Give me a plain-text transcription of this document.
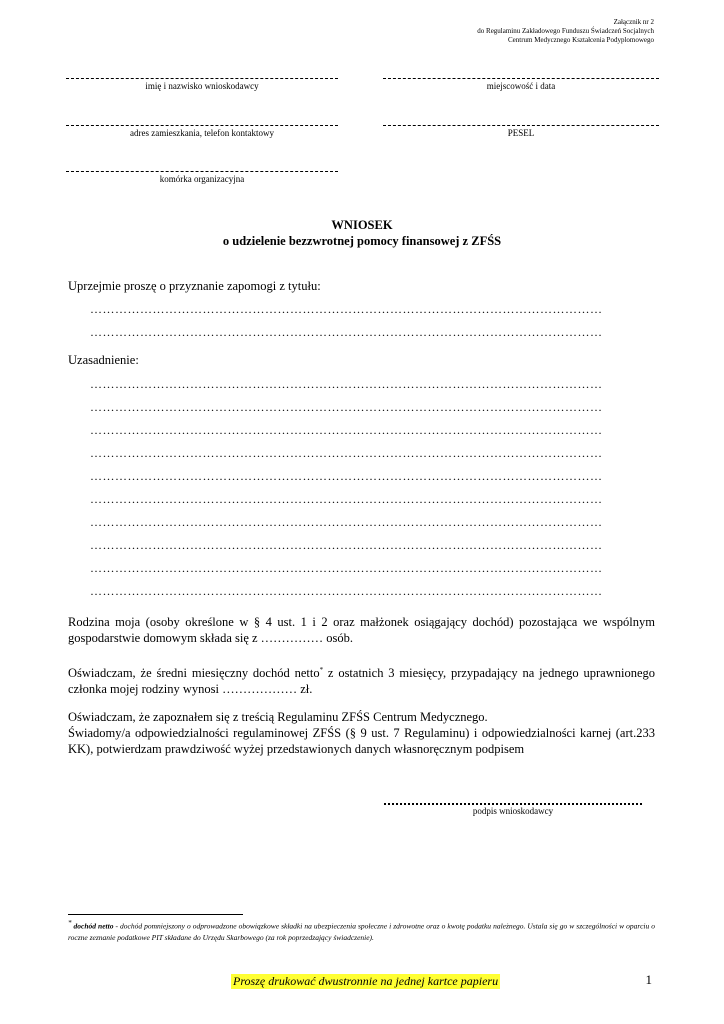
Załącznik nr 2
do Regulaminu Zakładowego Funduszu Świadczeń Socjalnych
Centrum Medycznego Kształcenia Podyplomowego
imię i nazwisko wnioskodawcy	miejscowość i data
adres zamieszkania, telefon kontaktowy	PESEL
komórka organizacyjna
WNIOSEK
o udzielenie bezzwrotnej pomocy finansowej z ZFŚS
Uprzejmie proszę o przyznanie zapomogi z tytułu:
……………………………………………………………………………………………………………
……………………………………………………………………………………………………………
Uzasadnienie:
……………………………………………………………………………………………………………
……………………………………………………………………………………………………………
……………………………………………………………………………………………………………
……………………………………………………………………………………………………………
……………………………………………………………………………………………………………
……………………………………………………………………………………………………………
……………………………………………………………………………………………………………
……………………………………………………………………………………………………………
……………………………………………………………………………………………………………
……………………………………………………………………………………………………………
Rodzina moja (osoby określone w § 4 ust. 1 i 2 oraz małżonek osiągający dochód) pozostająca we wspólnym gospodarstwie domowym składa się z …………… osób.
Oświadczam, że średni miesięczny dochód netto* z ostatnich 3 miesięcy, przypadający na jednego uprawnionego członka mojej rodziny wynosi ……………… zł.
Oświadczam, że zapoznałem się z treścią Regulaminu ZFŚS Centrum Medycznego.
Świadomy/a odpowiedzialności regulaminowej ZFŚS (§ 9 ust. 7 Regulaminu) i odpowiedzialności karnej (art.233 KK), potwierdzam prawdziwość wyżej przedstawionych danych własnoręcznym podpisem
podpis wnioskodawcy
* dochód netto - dochód pomniejszony o odprowadzone obowiązkowe składki na ubezpieczenia społeczne i zdrowotne oraz o kwotę podatku należnego. Ustala się go w szczególności w oparciu o roczne zeznanie podatkowe PIT składane do Urzędu Skarbowego (za rok poprzedzający świadczenie).
Proszę drukować dwustronnie na jednej kartce papieru	1
